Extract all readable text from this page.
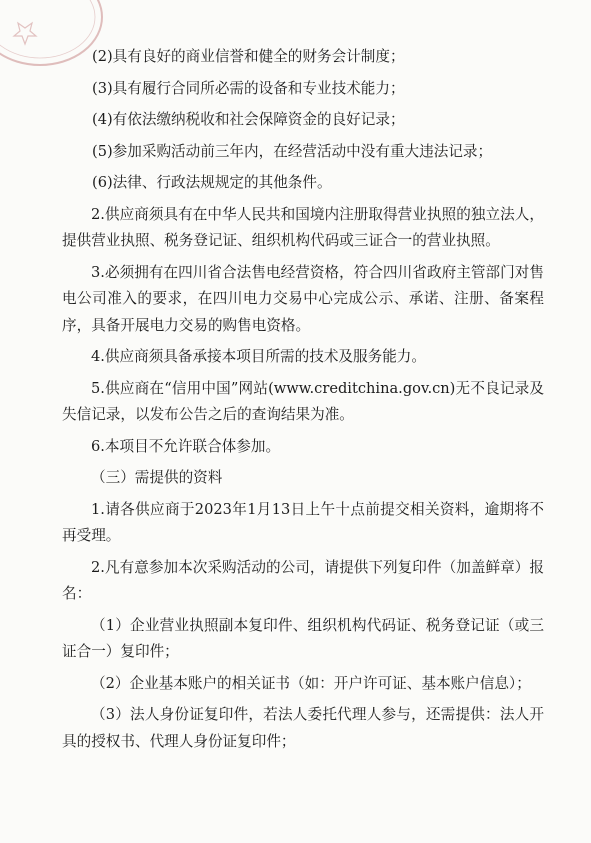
(2)具有良好的商业信誉和健全的财务会计制度；

(3)具有履行合同所必需的设备和专业技术能力；

(4)有依法缴纳税收和社会保障资金的良好记录；

(5)参加采购活动前三年内，在经营活动中没有重大违法记录；

(6)法律、行政法规规定的其他条件。

2.供应商须具有在中华人民共和国境内注册取得营业执照的独立法人，提供营业执照、税务登记证、组织机构代码或三证合一的营业执照。

3.必须拥有在四川省合法售电经营资格，符合四川省政府主管部门对售电公司准入的要求，在四川电力交易中心完成公示、承诺、注册、备案程序，具备开展电力交易的购售电资格。

4.供应商须具备承接本项目所需的技术及服务能力。

5.供应商在“信用中国”网站(www.creditchina.gov.cn)无不良记录及失信记录，以发布公告之后的查询结果为准。

6.本项目不允许联合体参加。

（三）需提供的资料

1.请各供应商于2023年1月13日上午十点前提交相关资料，逾期将不再受理。

2.凡有意参加本次采购活动的公司，请提供下列复印件（加盖鲜章）报名：

（1）企业营业执照副本复印件、组织机构代码证、税务登记证（或三证合一）复印件；

（2）企业基本账户的相关证书（如：开户许可证、基本账户信息）；

（3）法人身份证复印件，若法人委托代理人参与，还需提供：法人开具的授权书、代理人身份证复印件；
